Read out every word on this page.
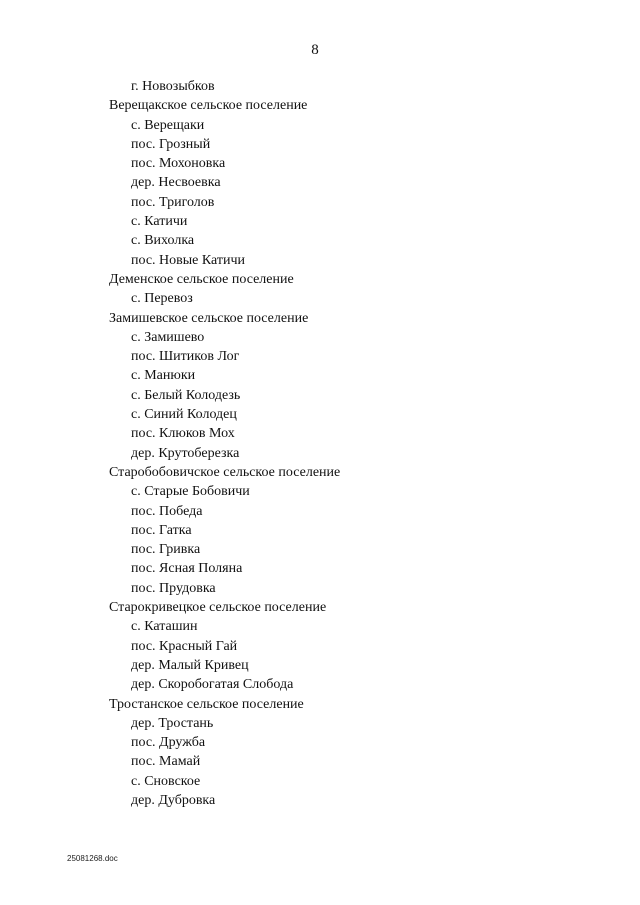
8
г. Новозыбков
Верещакское сельское поселение
с. Верещаки
пос. Грозный
пос. Мохоновка
дер. Несвоевка
пос. Триголов
с. Катичи
с. Вихолка
пос. Новые Катичи
Деменское сельское поселение
с. Перевоз
Замишевское сельское поселение
с. Замишево
пос. Шитиков Лог
с. Манюки
с. Белый Колодезь
с. Синий Колодец
пос. Клюков Мох
дер. Крутоберезка
Старобобовичское сельское поселение
с. Старые Бобовичи
пос. Победа
пос. Гатка
пос. Гривка
пос. Ясная Поляна
пос. Прудовка
Старокривецкое сельское поселение
с. Каташин
пос. Красный Гай
дер. Малый Кривец
дер. Скоробогатая Слобода
Тростанское сельское поселение
дер. Тростань
пос. Дружба
пос. Мамай
с. Сновское
дер. Дубровка
25081268.doc
